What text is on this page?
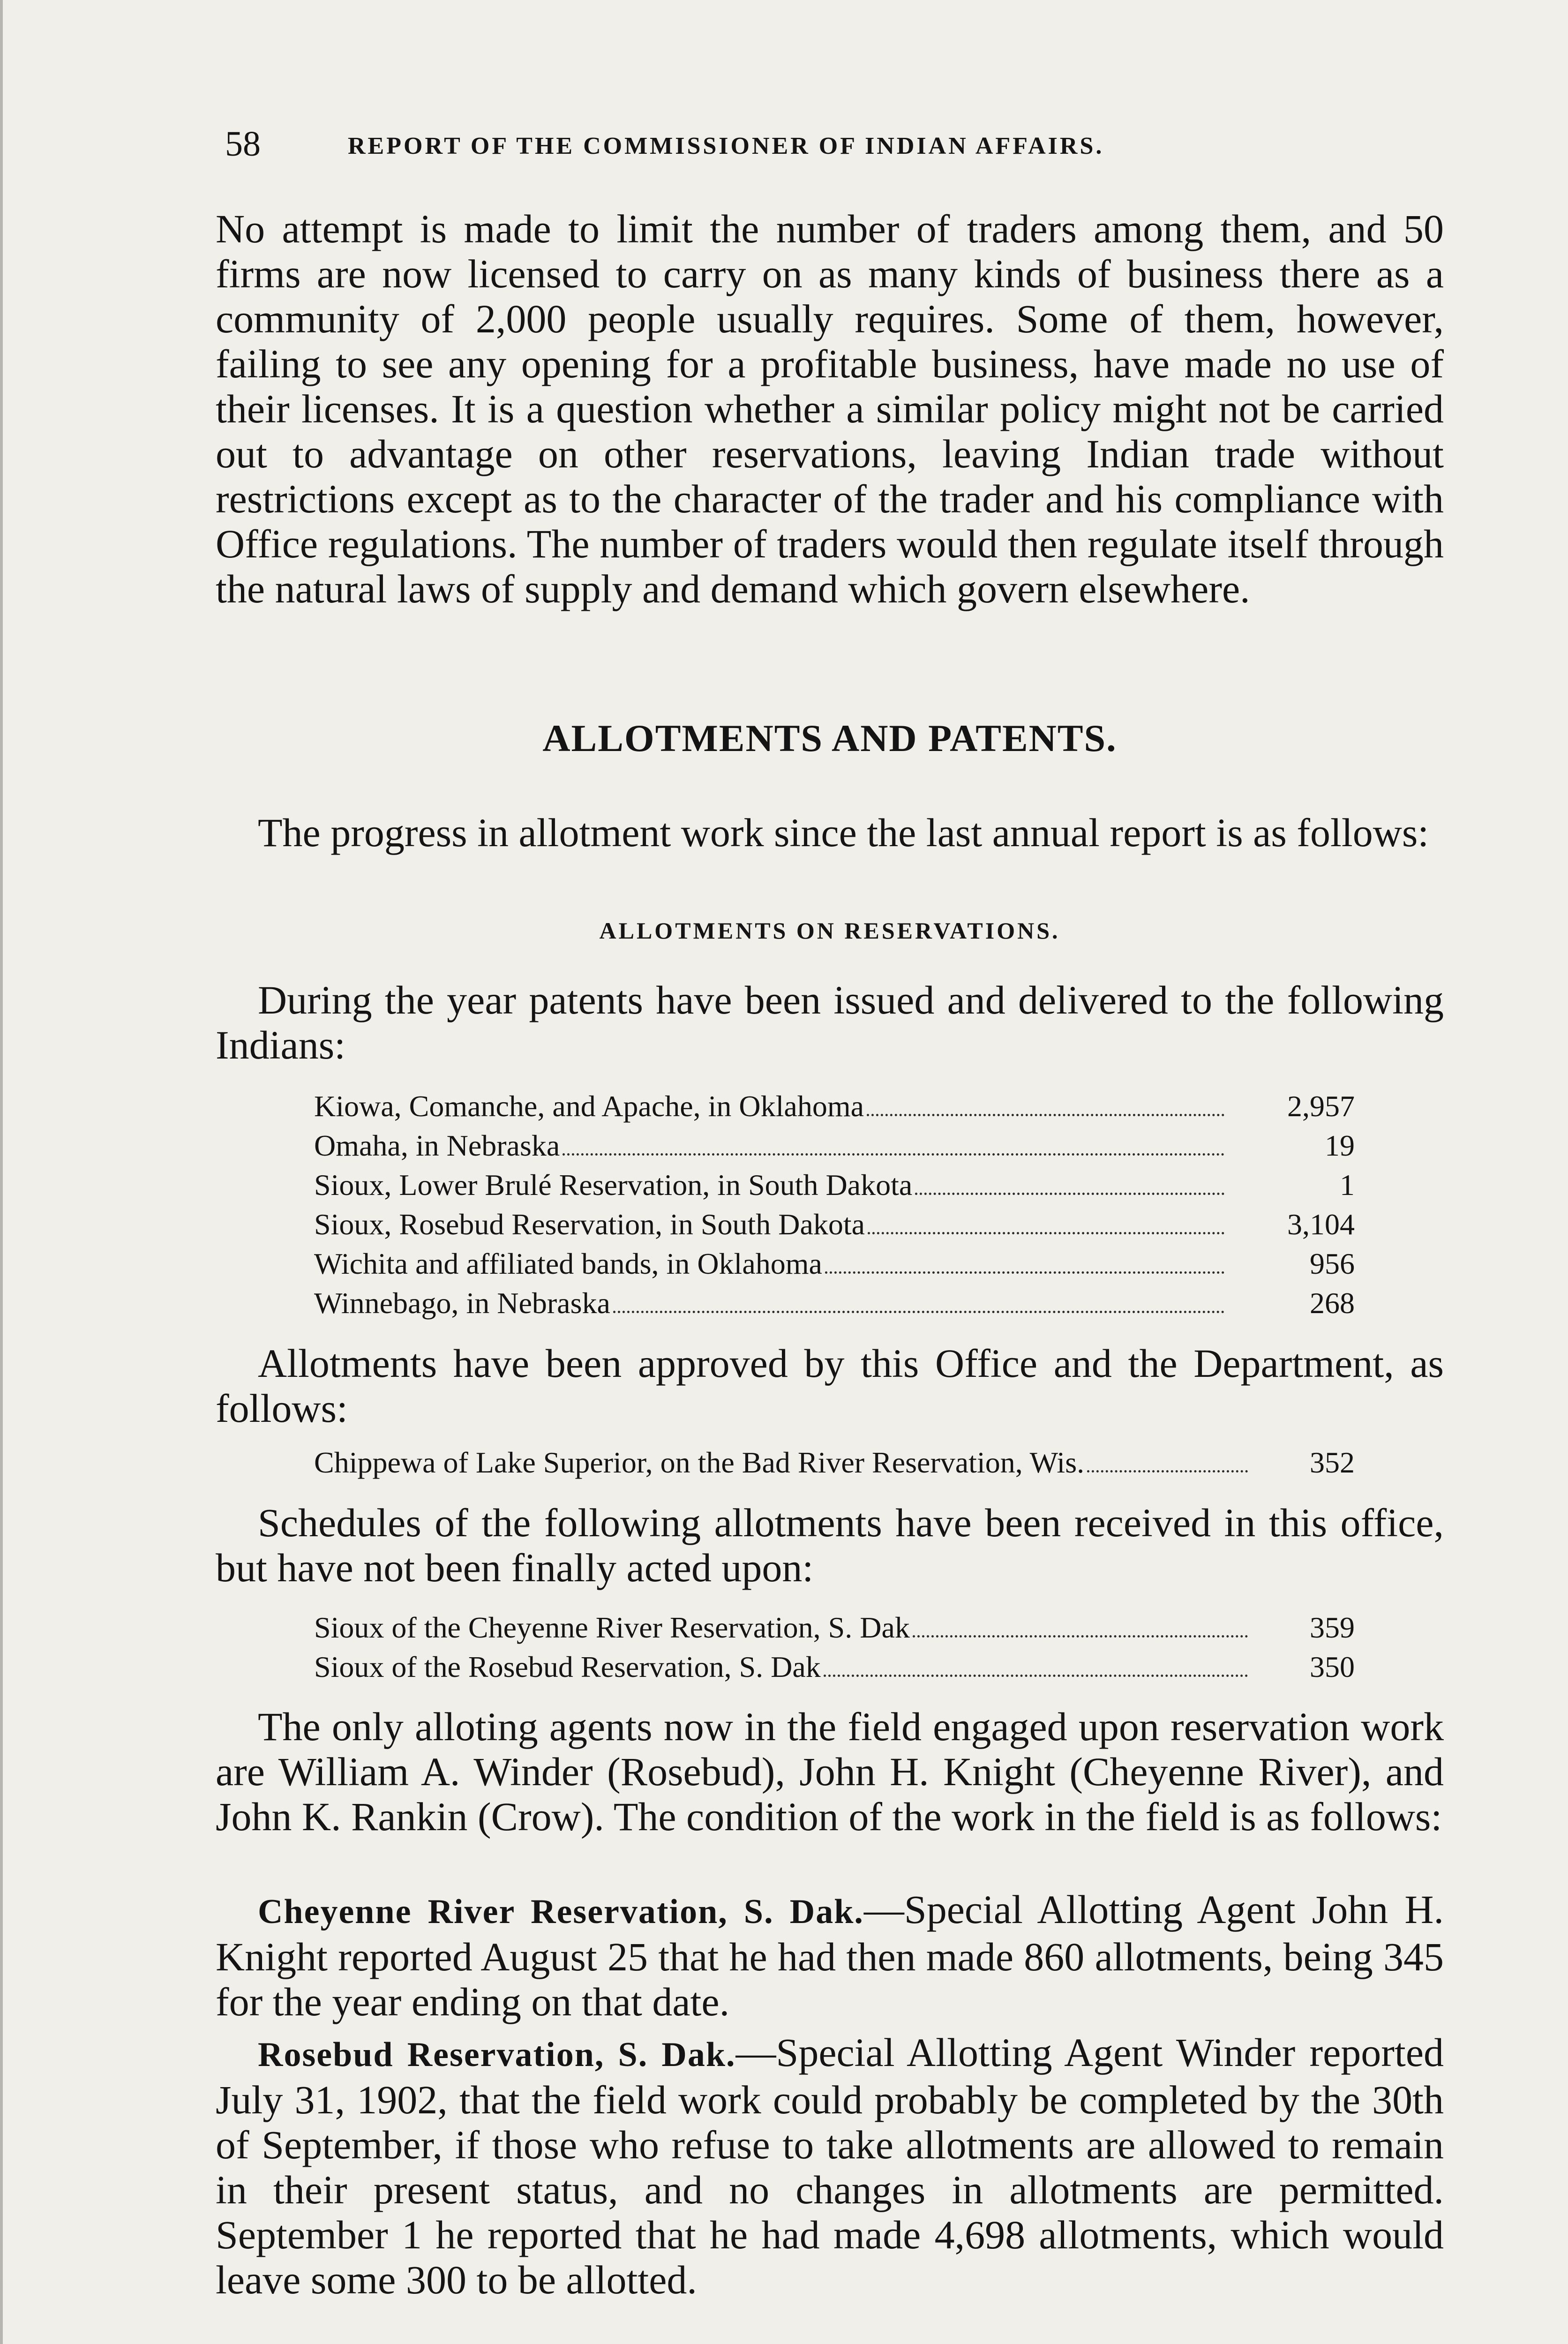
58	REPORT OF THE COMMISSIONER OF INDIAN AFFAIRS.

No attempt is made to limit the number of traders among them, and 50 firms are now licensed to carry on as many kinds of business there as a community of 2,000 people usually requires. Some of them, however, failing to see any opening for a profitable business, have made no use of their licenses. It is a question whether a similar policy might not be carried out to advantage on other reservations, leaving Indian trade without restrictions except as to the character of the trader and his compliance with Office regulations. The number of traders would then regulate itself through the natural laws of supply and demand which govern elsewhere.

ALLOTMENTS AND PATENTS.

The progress in allotment work since the last annual report is as follows:

ALLOTMENTS ON RESERVATIONS.

During the year patents have been issued and delivered to the following Indians:

Kiowa, Comanche, and Apache, in Oklahoma	2,957
Omaha, in Nebraska	19
Sioux, Lower Brulé Reservation, in South Dakota	1
Sioux, Rosebud Reservation, in South Dakota	3,104
Wichita and affiliated bands, in Oklahoma	956
Winnebago, in Nebraska	268

Allotments have been approved by this Office and the Department, as follows:

Chippewa of Lake Superior, on the Bad River Reservation, Wis.	352

Schedules of the following allotments have been received in this office, but have not been finally acted upon:

Sioux of the Cheyenne River Reservation, S. Dak	359
Sioux of the Rosebud Reservation, S. Dak	350

The only alloting agents now in the field engaged upon reservation work are William A. Winder (Rosebud), John H. Knight (Cheyenne River), and John K. Rankin (Crow). The condition of the work in the field is as follows:

Cheyenne River Reservation, S. Dak.—Special Allotting Agent John H. Knight reported August 25 that he had then made 860 allotments, being 345 for the year ending on that date.

Rosebud Reservation, S. Dak.—Special Allotting Agent Winder reported July 31, 1902, that the field work could probably be completed by the 30th of September, if those who refuse to take allotments are allowed to remain in their present status, and no changes in allotments are permitted. September 1 he reported that he had made 4,698 allotments, which would leave some 300 to be allotted.
